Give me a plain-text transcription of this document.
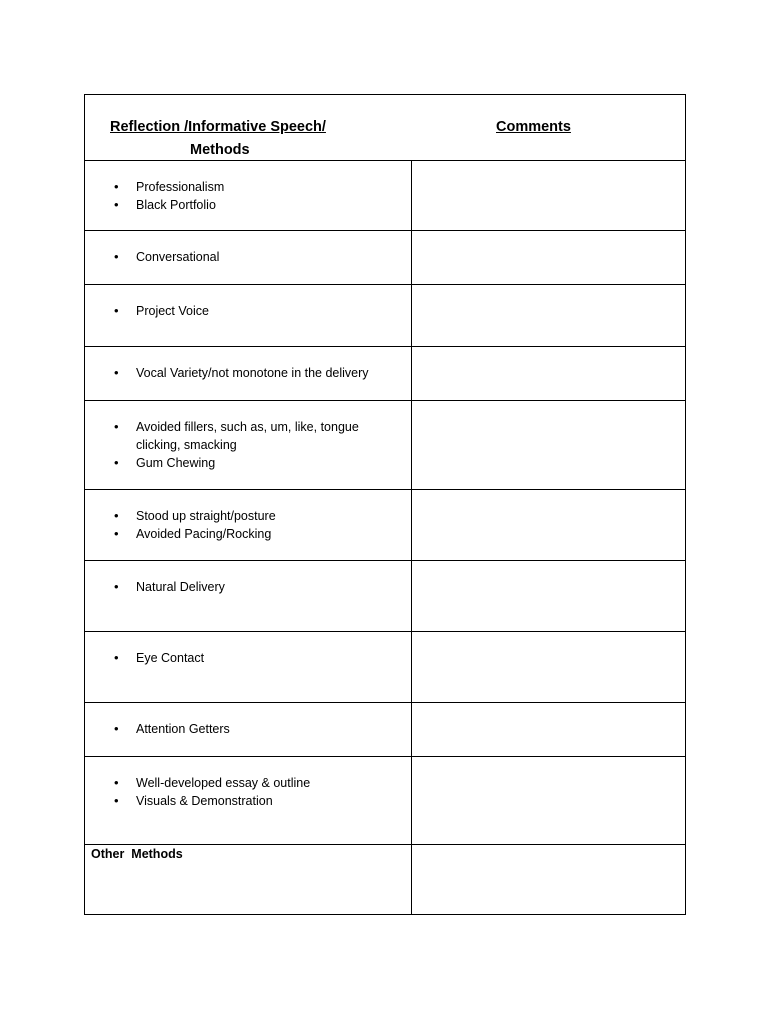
Reflection /Informative Speech/
Methods
Comments
• Professionalism
• Black Portfolio
• Conversational
• Project Voice
• Vocal Variety/not monotone in the delivery
• Avoided fillers, such as, um, like, tongue clicking, smacking
• Gum Chewing
• Stood up straight/posture
• Avoided Pacing/Rocking
• Natural Delivery
• Eye Contact
• Attention Getters
• Well-developed essay & outline
• Visuals & Demonstration
Other  Methods
